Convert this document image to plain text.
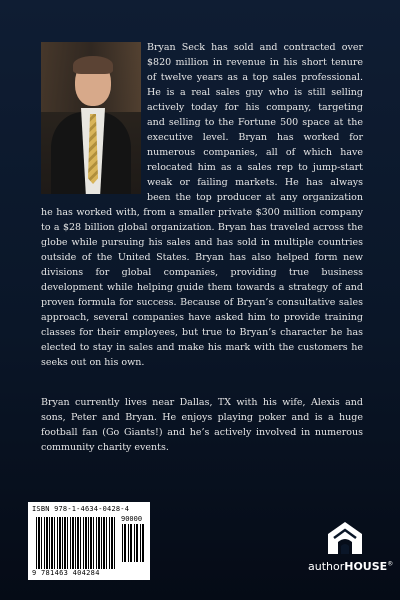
Bryan Seck has sold and contracted over $820 million in revenue in his short tenure of twelve years as a top sales professional. He is a real sales guy who is still selling actively today for his company, targeting and selling to the Fortune 500 space at the executive level. Bryan has worked for numerous companies, all of which have relocated him as a sales rep to jump-start weak or failing markets. He has always been the top producer at any organization he has worked with, from a smaller private $300 million company to a $28 billion global organization. Bryan has traveled across the globe while pursuing his sales and has sold in multiple countries outside of the United States. Bryan has also helped form new divisions for global companies, providing true business development while helping guide them towards a strategy of and proven formula for success. Because of Bryan’s consultative sales approach, several companies have asked him to provide training classes for their employees, but true to Bryan’s character he has elected to stay in sales and make his mark with the customers he seeks out on his own.

Bryan currently lives near Dallas, TX with his wife, Alexis and sons, Peter and Bryan. He enjoys playing poker and is a huge football fan (Go Giants!) and he’s actively involved in numerous community charity events.

ISBN 978-1-4634-0428-4
90000
9 781463 404284	authorHOUSE®
